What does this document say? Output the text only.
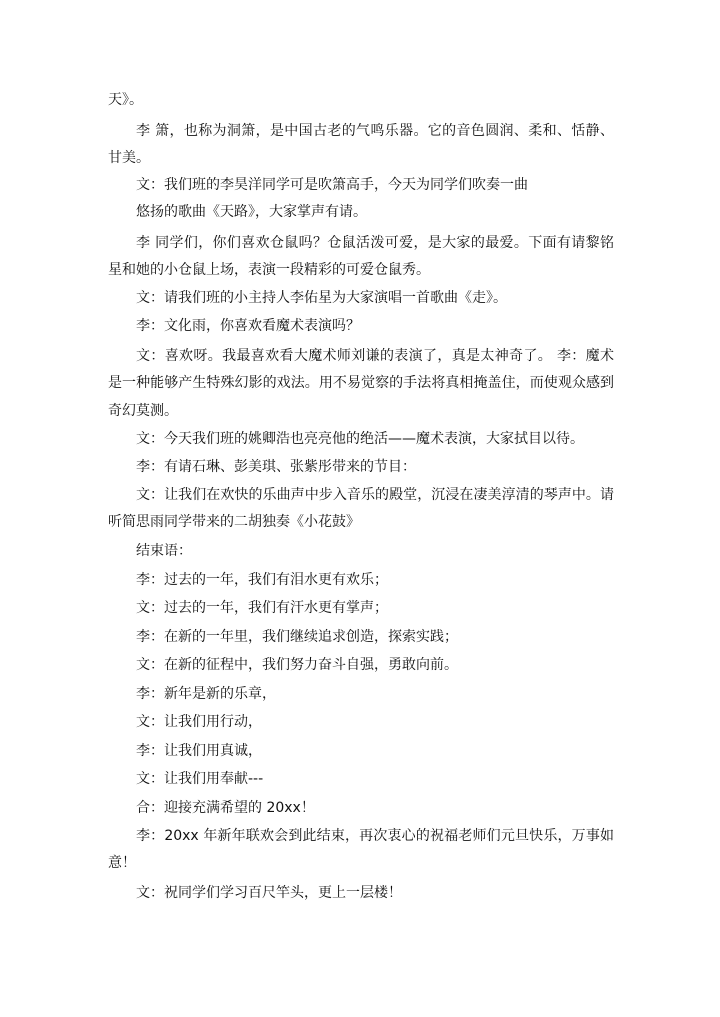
天》。

李 箫，也称为洞箫，是中国古老的气鸣乐器。它的音色圆润、柔和、恬静、甘美。

文：我们班的李昊洋同学可是吹箫高手，今天为同学们吹奏一曲

悠扬的歌曲《天路》，大家掌声有请。

李 同学们，你们喜欢仓鼠吗？仓鼠活泼可爱，是大家的最爱。下面有请黎铭星和她的小仓鼠上场，表演一段精彩的可爱仓鼠秀。

文：请我们班的小主持人李佑星为大家演唱一首歌曲《走》。

李：文化雨，你喜欢看魔术表演吗？

文：喜欢呀。我最喜欢看大魔术师刘谦的表演了，真是太神奇了。 李：魔术是一种能够产生特殊幻影的戏法。用不易觉察的手法将真相掩盖住，而使观众感到奇幻莫测。

文：今天我们班的姚卿浩也亮亮他的绝活——魔术表演，大家拭目以待。

李：有请石琳、彭美琪、张紫彤带来的节目：

文：让我们在欢快的乐曲声中步入音乐的殿堂，沉浸在凄美淳清的琴声中。请听简思雨同学带来的二胡独奏《小花鼓》

结束语：

李：过去的一年，我们有泪水更有欢乐；

文：过去的一年，我们有汗水更有掌声；

李：在新的一年里，我们继续追求创造，探索实践；

文：在新的征程中，我们努力奋斗自强，勇敢向前。

李：新年是新的乐章，

文：让我们用行动，

李：让我们用真诚，

文：让我们用奉献---

合：迎接充满希望的 20xx！

李：20xx 年新年联欢会到此结束，再次衷心的祝福老师们元旦快乐，万事如意！

文：祝同学们学习百尺竿头，更上一层楼！
